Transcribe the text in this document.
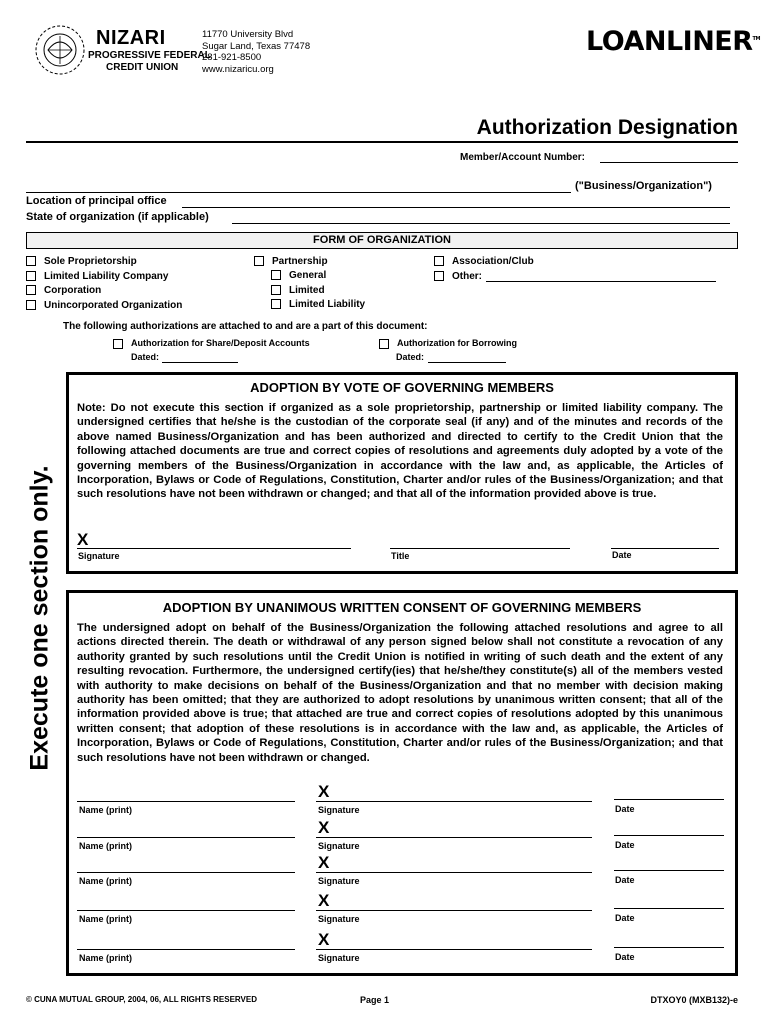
NIZARI
PROGRESSIVE FEDERAL
CREDIT UNION
11770 University Blvd
Sugar Land, Texas 77478
281-921-8500
www.nizaricu.org
LOANLINER™
Authorization Designation
Member/Account Number:
("Business/Organization")
Location of principal office
State of organization (if applicable)
FORM OF ORGANIZATION
Sole Proprietorship
Limited Liability Company
Corporation
Unincorporated Organization
Partnership
General
Limited
Limited Liability
Association/Club
Other:
The following authorizations are attached to and are a part of this document:
Authorization for Share/Deposit Accounts
Dated:
Authorization for Borrowing
Dated:
Execute one section only.
ADOPTION BY VOTE OF GOVERNING MEMBERS
Note: Do not execute this section if organized as a sole proprietorship, partnership or limited liability company. The undersigned certifies that he/she is the custodian of the corporate seal (if any) and of the minutes and records of the above named Business/Organization and has been authorized and directed to certify to the Credit Union that the following attached documents are true and correct copies of resolutions and agreements duly adopted by a vote of the governing members of the Business/Organization in accordance with the law and, as applicable, the Articles of Incorporation, Bylaws or Code of Regulations, Constitution, Charter and/or rules of the Business/Organization; and that such resolutions have not been withdrawn or changed; and that all of the information provided above is true.
X
Signature	Title	Date
ADOPTION BY UNANIMOUS WRITTEN CONSENT OF GOVERNING MEMBERS
The undersigned adopt on behalf of the Business/Organization the following attached resolutions and agree to all actions directed therein. The death or withdrawal of any person signed below shall not constitute a revocation of any authority granted by such resolutions until the Credit Union is notified in writing of such death and the extent of any resulting revocation. Furthermore, the undersigned certify(ies) that he/she/they constitute(s) all of the members vested with authority to make decisions on behalf of the Business/Organization and that no member with decision making authority has been omitted; that they are authorized to adopt resolutions by unanimous written consent; that all of the information provided above is true; that attached are true and correct copies of resolutions adopted by this unanimous written consent; that adoption of these resolutions is in accordance with the law and, as applicable, the Articles of Incorporation, Bylaws or Code of Regulations, Constitution, Charter and/or rules of the Business/Organization; and that such resolutions have not been withdrawn or changed.
Name (print)
X
Signature	Date
Name (print)
X
Signature	Date
Name (print)
X
Signature	Date
Name (print)
X
Signature	Date
Name (print)
X
Signature	Date
© CUNA MUTUAL GROUP, 2004, 06, ALL RIGHTS RESERVED	Page 1	DTXOY0 (MXB132)-e
